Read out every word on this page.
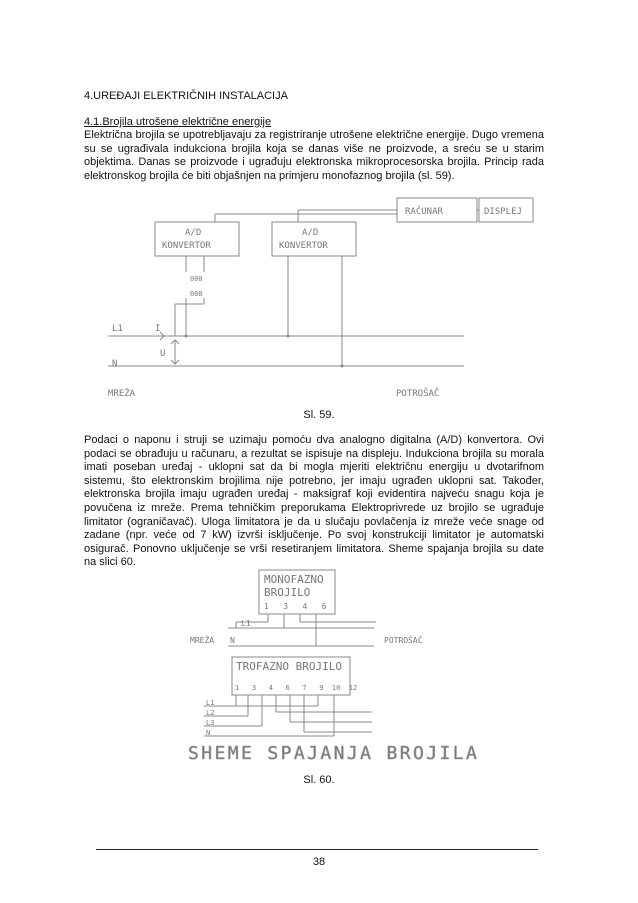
4.UREĐAJI ELEKTRIČNIH INSTALACIJA
4.1.Brojila utrošene električne energije
Električna brojila se upotrebljavaju za registriranje utrošene električne energije. Dugo vremena su se ugrađivala indukciona brojila koja se danas više ne proizvode, a sreću se u starim objektima. Danas se proizvode i ugrađuju elektronska mikroprocesorska brojila. Princip rada elektronskog brojila će biti objašnjen na primjeru monofaznog brojila (sl. 59).
RAČUNAR	DISPLEJ
A/D
KONVERTOR
A/D
KONVERTOR
000
000
L1	I
U
N
MREŽA	POTROŠAČ
Sl. 59.
Podaci o naponu i struji se uzimaju pomoću dva analogno digitalna (A/D) konvertora. Ovi podaci se obrađuju u računaru, a rezultat se ispisuje na displeju. Indukciona brojila su morala imati poseban uređaj - uklopni sat da bi mogla mjeriti električnu energiju u dvotarifnom sistemu, što elektronskim brojilima nije potrebno, jer imaju ugrađen uklopni sat. Također, elektronska brojila imaju ugrađen uređaj - maksigraf koji evidentira najveću snagu koja je povučena iz mreže. Prema tehničkim preporukama Elektroprivrede uz brojilo se ugrađuje limitator (ograničavač). Uloga limitatora je da u slučaju povlačenja iz mreže veće snage od zadane (npr. veće od 7 kW) izvrši isključenje. Po svoj konstrukciji limitator je automatski osigurač. Ponovno uključenje se vrši resetiranjem limitatora. Sheme spajanja brojila su date na slici 60.
MONOFAZNO
BROJILO
1   3   4   6
L1
MREŽA N	POTROŠAČ
TROFAZNO BROJILO
1   3   4   6   7   9  10  12
L1
L2
L3
N
SHEME SPAJANJA BROJILA
Sl. 60.
38
